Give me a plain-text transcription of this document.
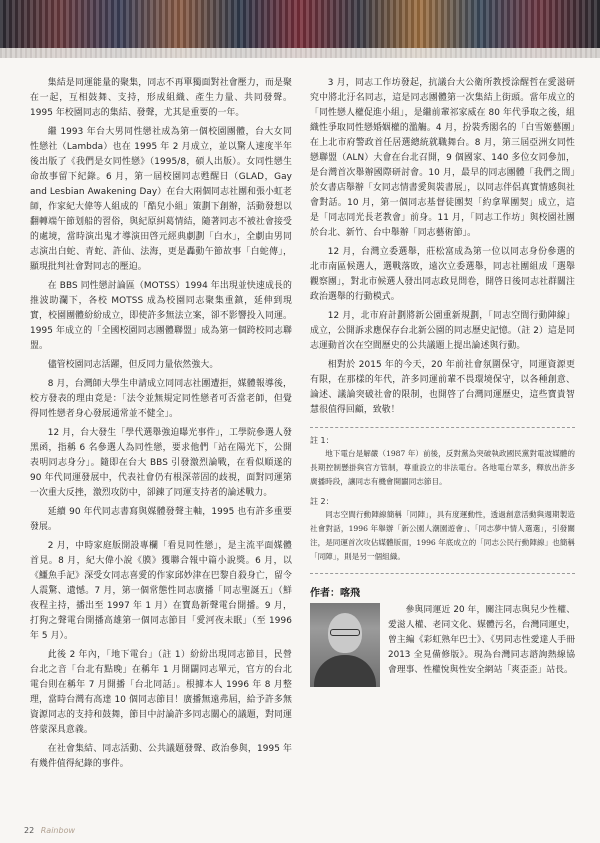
集結是同運能量的聚集，同志不再單獨面對社會壓力，而是聚在一起，互相鼓舞、支持，形成組織、產生力量、共同發聲。1995 年校園同志的集結、發聲，尤其是重要的一年。

繼 1993 年台大男同性戀社成為第一個校園團體，台大女同性戀社（Lambda）也在 1995 年 2 月成立，並以驚人速度半年後出版了《我們是女同性戀》（1995/8，碩人出版）。女同性戀生命故事留下紀錄。6 月，第一屆校園同志甦醒日（GLAD，Gay and Lesbian Awakening Day）在台大兩個同志社團和張小虹老師，作家紀大偉等人組成的「酷兒小組」策劃下創辦，活動發想以翻轉端午節划船的習俗，與紀原糾葛情結，隨著同志不被社會接受的處境，當時演出鬼才導演田啓元經典劇劃「白水」，全劇由男同志演出白蛇、青蛇、許仙、法海，更是轟動午節故事「白蛇傳」，顯現批判社會對同志的壓迫。

在 BBS 同性戀討論區（MOTSS）1994 年出現並快速成長的推波助瀾下，各校 MOTSS 成為校園同志聚集重鎮，延伸到現實，校園團體紛紛成立，即使許多無法立案，卻不影響投入同運。1995 年成立的「全國校園同志團體聯盟」成為第一個跨校同志聯盟。

儘管校園同志活躍，但反同力量依然強大。

8 月，台灣師大學生申請成立同同志社團遭拒，媒體報導後，校方發表的理由竟是：「法令並無規定同性戀者可否當老師，但覺得同性戀者身心發展通常並不健全」。

12 月，台大發生「學代選舉強迫曝光事件」，工學院參選人發黑函，指稱 6 名參選人為同性戀，要求他們「站在陽光下，公開表明同志身分」。隨即在台大 BBS 引發激烈論戰，在看似順遂的 90 年代同運發展中，代表社會仍有根深蒂固的歧視，面對同運第一次重大反挫，激烈攻防中，卻鍊了同運支持者的論述戰力。

延續 90 年代同志書寫與媒體發聲主軸，1995 也有許多重要發展。

2 月，中時家庭版開設專欄「看見同性戀」，是主流平面媒體首見。8 月，紀大偉小說《膜》獲聯合報中篇小說獎。6 月，以《鱷魚手記》深受女同志喜愛的作家邱妙津在巴黎自殺身亡，留令人震驚、遺憾。7 月，第一個常態性同志廣播「同志聖誕五」（鮮夜程主持，播出至 1997 年 1 月）在寶島新聲電台開播。9 月，打狗之聲電台開播高雄第一個同志節目「愛河夜未眠」（至 1996 年 5 月）。

此後 2 年內，「地下電台」（註 1）紛紛出現同志節目，民營台北之音「台北有點晚」在稱年 1 月開闢同志單元，官方的台北電台則在稱年 7 月開播「台北同話」。根據本人 1996 年 8 月整理，當時台灣有高達 10 個同志節目！廣播無遠弗屆，給予許多無資源同志的支持和鼓舞，節目中討論許多同志關心的議題，對同運啓蒙深具意義。

在社會集結、同志活動、公共議題發聲、政治參與，1995 年有幾件值得紀錄的事件。

3 月，同志工作坊發起，抗議台大公衛所教授涂醒哲在愛滋研究中將北汙名同志，這是同志團體第一次集結上街頭。當年成立的「同性戀人權促進小組」，是繼前輩祁家威在 80 年代爭取之後，組織性爭取同性戀婚姻權的濫觴。4 月，扮裝秀閣名的「白雪姬藝團」在上北市府警政首任居選總統就職舞台。8 月，第三屆亞洲女同性戀聯盟（ALN）大會在台北召開，9 個國家、140 多位女同參加，是台灣首次舉辦國際研討會。10 月，最早的同志團體「我們之間」於女書店舉辦「女同志情書愛與裝書展」，以同志伴侶真實情感與社會對話。10 月，第一個同志基督徒團契「約拿單團契」成立，這是「同志同光長老教會」前身。11 月，「同志工作坊」與校園社團於台北、新竹、台中舉辦「同志藝術節」。

12 月，台灣立委選舉，莊松富成為第一位以同志身份參選的北市南區候選人，選戰落敗，遠次立委選舉，同志社團組成「選舉觀察團」，對北市候選人發出同志政見問卷，開啓日後同志社群關注政治選舉的行動模式。

12 月，北市府計劃將新公園重新規劃，「同志空間行動陣線」成立，公開訴求應保存台北新公園的同志歷史記憶。（註 2）這是同志運動首次在空間歷史的公共議題上提出論述與行動。

相對於 2015 年的今天，20 年前社會氛圍保守，同運資源更有限，在那樣的年代，許多同運前輩不畏環境保守，以各種創意、論述、議論突破社會的限制，也開啓了台灣同運歷史，這些寶貴智慧很值得回顧，致敬！

註 1：

地下電台是解嚴（1987 年）前後，反對黨為突破執政國民黨對電波媒體的長期控制懸掛與官方管制，尊重設立的非法電台。各地電台眾多，釋放出許多廣播時段，讓同志有機會開闢同志節目。

註 2：

同志空間行動陣線簡稱「同陣」，具有度運動性，透過創意活動與週期製造社會對話，1996 年舉辦「新公園人潮園遊會」、「同志夢中情人選選」，引發關注，是同運首次攻佔媒體版面，1996 年底成立的「同志公民行動陣線」也簡稱「同陣」，則是另一個組織。

作者： 喀飛

參與同運近 20 年，關注同志與兒少性權、愛滋人權、老同文化、媒體污名，台灣同運史，曾主編《彩虹熟年巴士》、《男同志性愛達人手冊 2013 全見備修版》。現為台灣同志諮詢熱線協會理事、性權悅與性安全網站「爽歪歪」站長。

22 Rainbow
